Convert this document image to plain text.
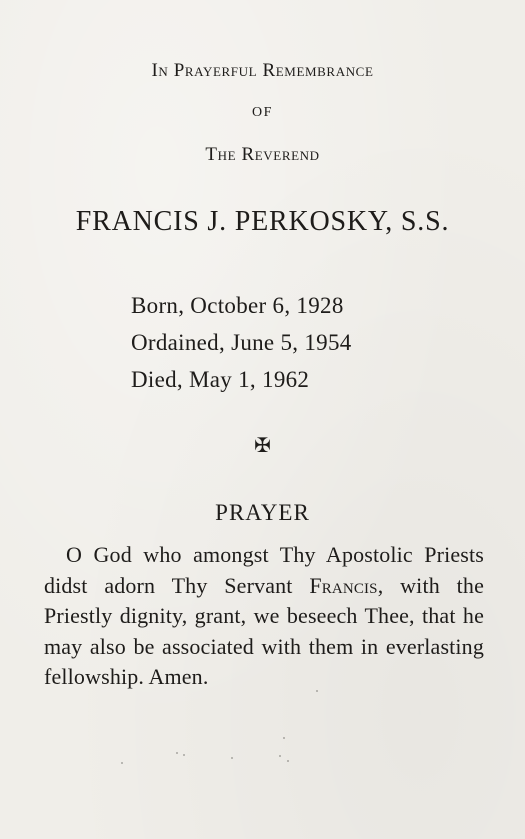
In Prayerful Remembrance
OF
The Reverend
FRANCIS J. PERKOSKY, S.S.
Born, October 6, 1928
Ordained, June 5, 1954
Died, May 1, 1962
✠
PRAYER
O God who amongst Thy Apostolic Priests didst adorn Thy Servant Francis, with the Priestly dignity, grant, we beseech Thee, that he may also be associated with them in everlasting fellowship. Amen.
